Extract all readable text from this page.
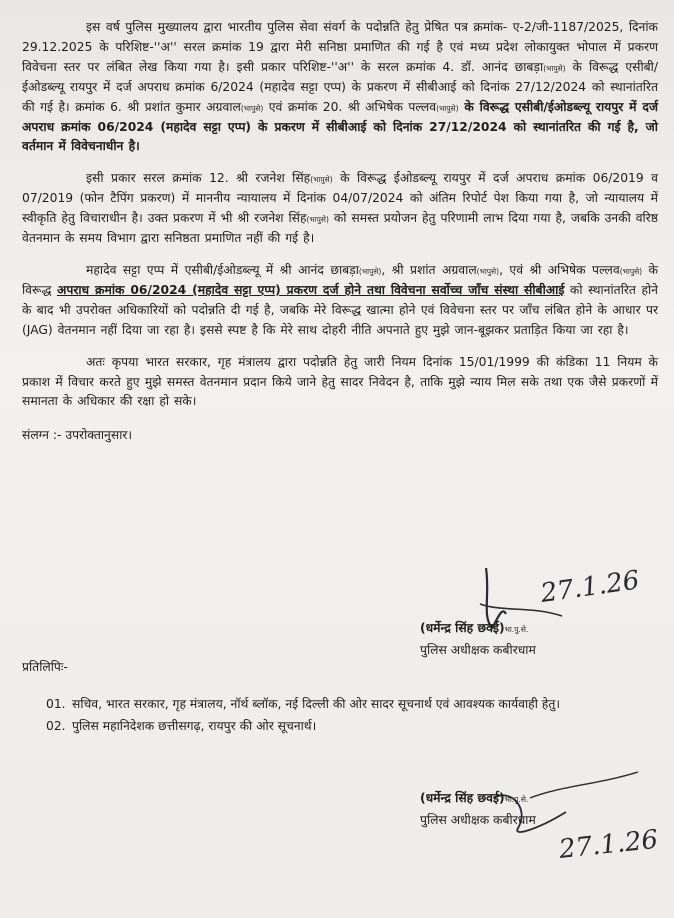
इस वर्ष पुलिस मुख्यालय द्वारा भारतीय पुलिस सेवा संवर्ग के पदोन्नति हेतु प्रेषित पत्र क्रमांक- ए-2/जी-1187/2025, दिनांक 29.12.2025 के परिशिष्ट-''अ'' सरल क्रमांक 19 द्वारा मेरी सनिष्ठा प्रमाणित की गई है एवं मध्य प्रदेश लोकायुक्त भोपाल में प्रकरण विवेचना स्तर पर लंबित लेख किया गया है। इसी प्रकार परिशिष्ट-''अ'' के सरल क्रमांक 4. डॉ. आनंद छाबड़ा(भापुसे) के विरूद्ध एसीबी/ईओडब्ल्यू रायपुर में दर्ज अपराध क्रमांक 6/2024 (महादेव सट्टा एप्प) के प्रकरण में सीबीआई को दिनांक 27/12/2024 को स्थानांतरित की गई है। क्रमांक 6. श्री प्रशांत कुमार अग्रवाल(भापुसे) एवं क्रमांक 20. श्री अभिषेक पल्लव(भापुसे) के विरूद्ध एसीबी/ईओडब्ल्यू रायपुर में दर्ज अपराध क्रमांक 06/2024 (महादेव सट्टा एप्प) के प्रकरण में सीबीआई को दिनांक 27/12/2024 को स्थानांतरित की गई है, जो वर्तमान में विवेचनाधीन है।

इसी प्रकार सरल क्रमांक 12. श्री रजनेश सिंह(भापुसे) के विरूद्ध ईओडब्ल्यू रायपुर में दर्ज अपराध क्रमांक 06/2019 व 07/2019 (फोन टैपिंग प्रकरण) में माननीय न्यायालय में दिनांक 04/07/2024 को अंतिम रिपोर्ट पेश किया गया है, जो न्यायालय में स्वीकृति हेतु विचाराधीन है। उक्त प्रकरण में भी श्री रजनेश सिंह(भापुसे) को समस्त प्रयोजन हेतु परिणामी लाभ दिया गया है, जबकि उनकी वरिष्ठ वेतनमान के समय विभाग द्वारा सनिष्ठता प्रमाणित नहीं की गई है।

महादेव सट्टा एप्प में एसीबी/ईओडब्ल्यू में श्री आनंद छाबड़ा(भापुसे), श्री प्रशांत अग्रवाल(भापुसे), एवं श्री अभिषेक पल्लव(भापुसे) के विरूद्ध अपराध क्रमांक 06/2024 (महादेव सट्टा एप्प) प्रकरण दर्ज होने तथा विवेचना सर्वोच्च जाँच संस्था सीबीआई को स्थानांतरित होने के बाद भी उपरोक्त अधिकारियों को पदोन्नति दी गई है, जबकि मेरे विरूद्ध खात्मा होने एवं विवेचना स्तर पर जाँच लंबित होने के आधार पर (JAG) वेतनमान नहीं दिया जा रहा है। इससे स्पष्ट है कि मेरे साथ दोहरी नीति अपनाते हुए मुझे जान-बूझकर प्रताड़ित किया जा रहा है।

अतः कृपया भारत सरकार, गृह मंत्रालय द्वारा पदोन्नति हेतु जारी नियम दिनांक 15/01/1999 की कंडिका 11 नियम के प्रकाश में विचार करते हुए मुझे समस्त वेतनमान प्रदान किये जाने हेतु सादर निवेदन है, ताकि मुझे न्याय मिल सके तथा एक जैसे प्रकरणों में समानता के अधिकार की रक्षा हो सके।

संलग्न :- उपरोक्तानुसार।
27.1.26
(धर्मेन्द्र सिंह छवई)भा.पु.से.
पुलिस अधीक्षक कबीरधाम
प्रतिलिपिः-
01. सचिव, भारत सरकार, गृह मंत्रालय, नॉर्थ ब्लॉक, नई दिल्ली की ओर सादर सूचनार्थ एवं आवश्यक कार्यवाही हेतु।
02. पुलिस महानिदेशक छत्तीसगढ़, रायपुर की ओर सूचनार्थ।
27.1.26
(धर्मेन्द्र सिंह छवई)भा.पु.से.
पुलिस अधीक्षक कबीरधाम
